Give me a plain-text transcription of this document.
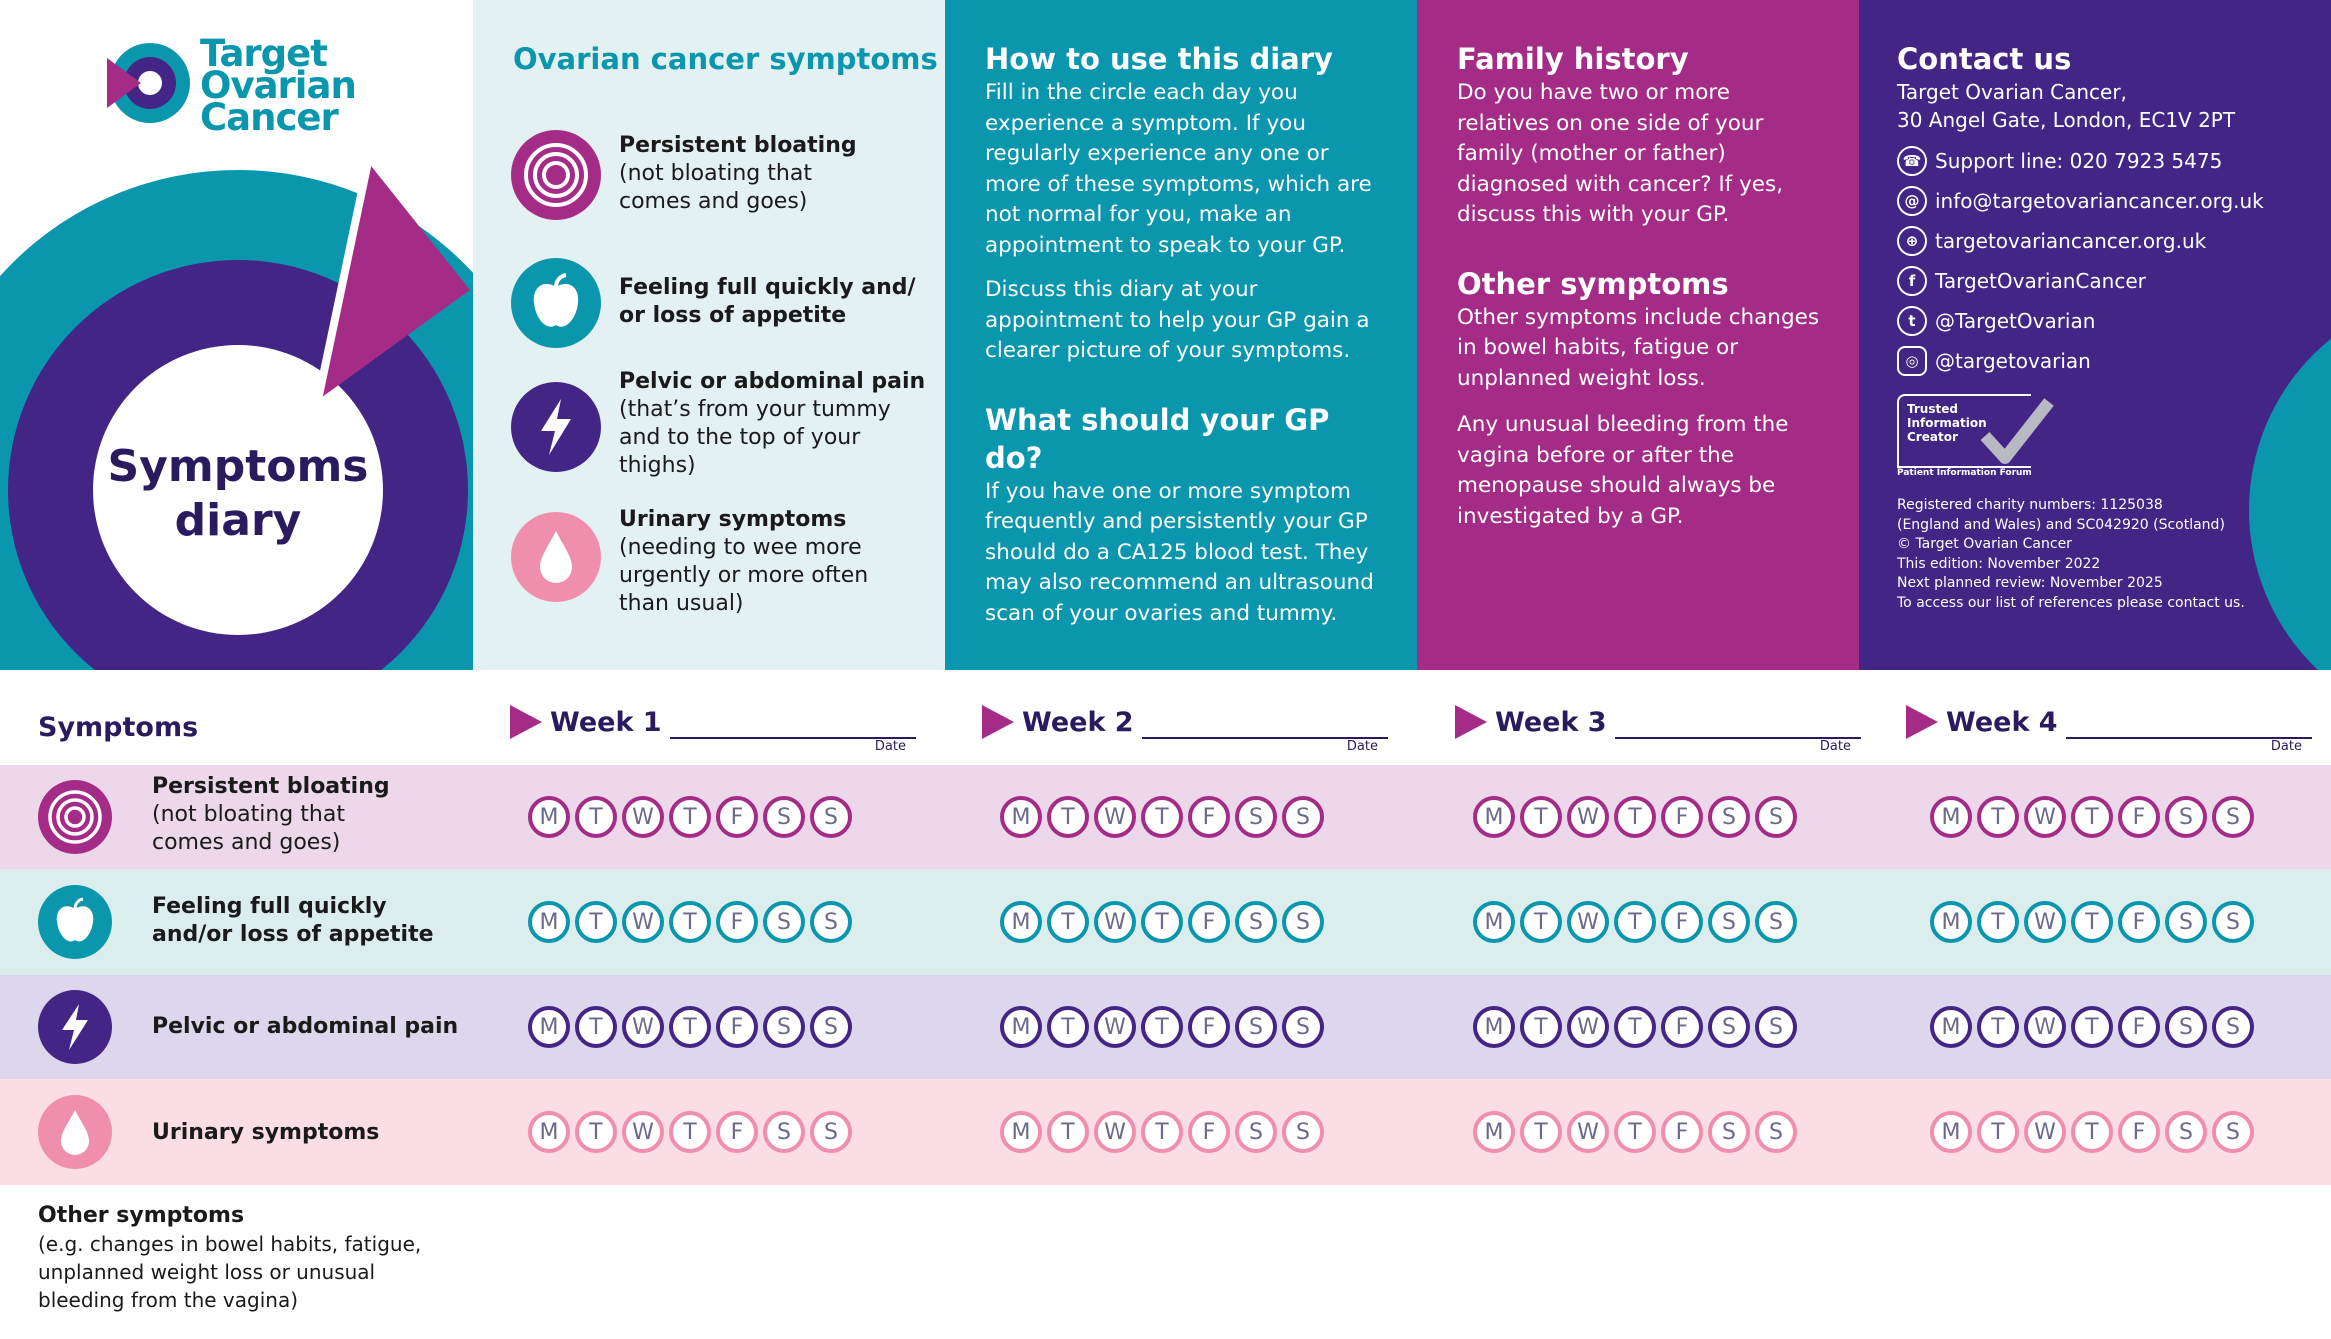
Target
Ovarian
Cancer
Symptoms
diary
Ovarian cancer symptoms
Persistent bloating
(not bloating that
comes and goes)
Feeling full quickly and/
or loss of appetite
Pelvic or abdominal pain
(that’s from your tummy
and to the top of your
thighs)
Urinary symptoms
(needing to wee more
urgently or more often
than usual)
How to use this diary

Fill in the circle each day you experience a symptom. If you regularly experience any one or more of these symptoms, which are not normal for you, make an appointment to speak to your GP.

Discuss this diary at your appointment to help your GP gain a clearer picture of your symptoms.

What should your GP do?

If you have one or more symptom frequently and persistently your GP should do a CA125 blood test. They may also recommend an ultrasound scan of your ovaries and tummy.

Family history

Do you have two or more relatives on one side of your family (mother or father) diagnosed with cancer? If yes, discuss this with your GP.

Other symptoms

Other symptoms include changes in bowel habits, fatigue or unplanned weight loss.

Any unusual bleeding from the vagina before or after the menopause should always be investigated by a GP.

Contact us
Target Ovarian Cancer,
30 Angel Gate, London, EC1V 2PT
☎ Support line: 020 7923 5475
@ info@targetovariancancer.org.uk
⊕ targetovariancancer.org.uk
f TargetOvarianCancer
t @TargetOvarian
◎ @targetovarian
Trusted
Information
Creator
Patient Information Forum
Registered charity numbers: 1125038
(England and Wales) and SC042920 (Scotland)
© Target Ovarian Cancer
This edition: November 2022
Next planned review: November 2025
To access our list of references please contact us.
Symptoms	Week 1
Date
Week 2
Date
Week 3
Date
Week 4
Date
Persistent bloating
(not bloating that
comes and goes)
M	T	W	T	F	S	S	M	T	W	T	F	S	S	M	T	W	T	F	S	S	M	T	W	T	F	S	S
Feeling full quickly
and/or loss of appetite	M	T	W	T	F	S	S	M	T	W	T	F	S	S	M	T	W	T	F	S	S	M	T	W	T	F	S	S
Pelvic or abdominal pain	M	T	W	T	F	S	S	M	T	W	T	F	S	S	M	T	W	T	F	S	S	M	T	W	T	F	S	S
Urinary symptoms	M	T	W	T	F	S	S	M	T	W	T	F	S	S	M	T	W	T	F	S	S	M	T	W	T	F	S	S
Other symptoms
(e.g. changes in bowel habits, fatigue,
unplanned weight loss or unusual
bleeding from the vagina)
